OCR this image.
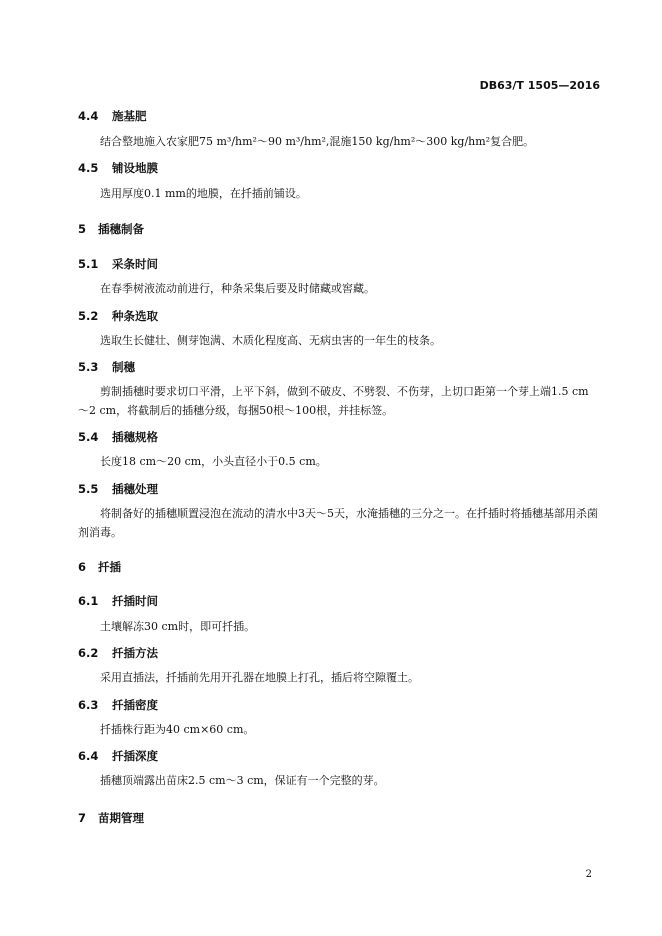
DB63/T 1505—2016
4.4 施基肥
结合整地施入农家肥75 m³/hm²～90 m³/hm²,混施150 kg/hm²～300 kg/hm²复合肥。
4.5 铺设地膜
选用厚度0.1 mm的地膜，在扦插前铺设。
5 插穗制备
5.1 采条时间
在春季树液流动前进行，种条采集后要及时储藏或窖藏。
5.2 种条选取
选取生长健壮、侧芽饱满、木质化程度高、无病虫害的一年生的枝条。
5.3 制穗
剪制插穗时要求切口平滑，上平下斜，做到不破皮、不劈裂、不伤芽，上切口距第一个芽上端1.5 cm～2 cm，将截制后的插穗分级，每捆50根～100根，并挂标签。
5.4 插穗规格
长度18 cm～20 cm，小头直径小于0.5 cm。
5.5 插穗处理
将制备好的插穗顺置浸泡在流动的清水中3天～5天，水淹插穗的三分之一。在扦插时将插穗基部用杀菌剂消毒。
6 扦插
6.1 扦插时间
土壤解冻30 cm时，即可扦插。
6.2 扦插方法
采用直插法，扦插前先用开孔器在地膜上打孔，插后将空隙覆土。
6.3 扦插密度
扦插株行距为40 cm×60 cm。
6.4 扦插深度
插穗顶端露出苗床2.5 cm～3 cm，保证有一个完整的芽。
7 苗期管理
2
